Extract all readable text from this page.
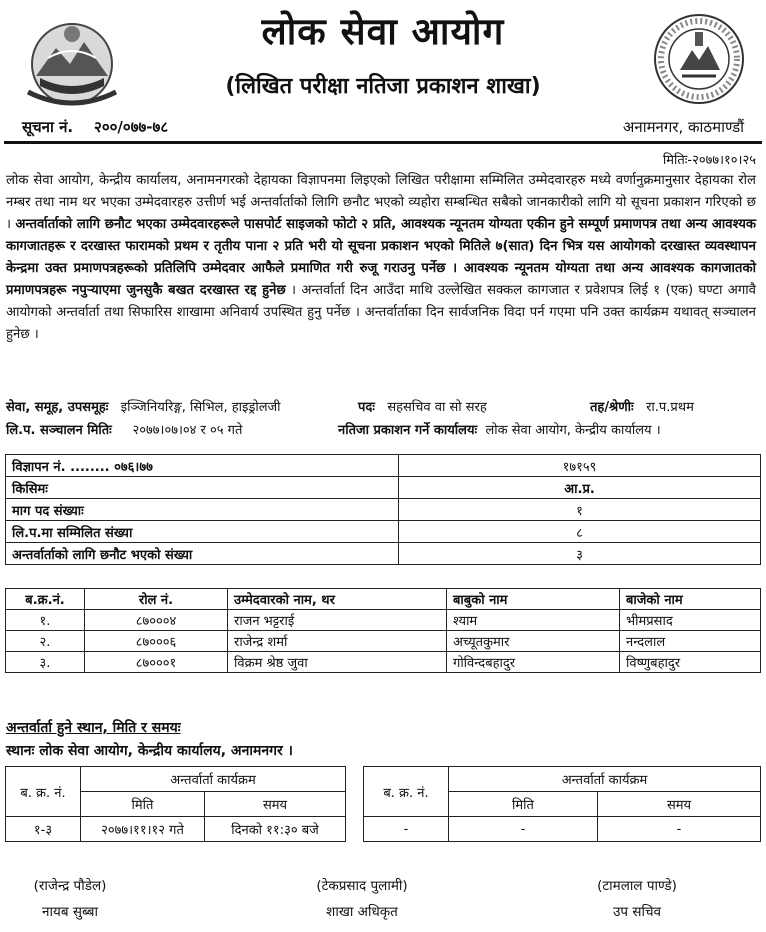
लोक सेवा आयोग
(लिखित परीक्षा नतिजा प्रकाशन शाखा)
सूचना नं. २००/०७७-७८	अनामनगर, काठमाण्डौं
मितिः-२०७७।१०।२५
लोक सेवा आयोग, केन्द्रीय कार्यालय, अनामनगरको देहायका विज्ञापनमा लिइएको लिखित परीक्षामा सम्मिलित उम्मेदवारहरु मध्ये वर्णानुक्रमानुसार देहायका रोल नम्बर तथा नाम थर भएका उम्मेदवारहरु उत्तीर्ण भई अन्तर्वार्ताको लिागि छनौट भएको व्यहोरा सम्बन्धित सबैको जानकारीको लागि यो सूचना प्रकाशन गरिएको छ । अन्तर्वार्ताको लागि छनौट भएका उम्मेदवारहरूले पासपोर्ट साइजको फोटो २ प्रति, आवश्यक न्यूनतम योग्यता एकीन हुने सम्पूर्ण प्रमाणपत्र तथा अन्य आवश्यक कागजातहरू र दरखास्त फारामको प्रथम र तृतीय पाना २ प्रति भरी यो सूचना प्रकाशन भएको मितिले ७(सात) दिन भित्र यस आयोगको दरखास्त व्यवस्थापन केन्द्रमा उक्त प्रमाणपत्रहरूको प्रतिलिपि उम्मेदवार आफैले प्रमाणित गरी रुजू गराउनु पर्नेछ । आवश्यक न्यूनतम योग्यता तथा अन्य आवश्यक कागजातको प्रमाणपत्रहरू नपुऱ्याएमा जुनसुकै बखत दरखास्त रद्द हुनेछ । अन्तर्वार्ता दिन आउँदा माथि उल्लेखित सक्कल कागजात र प्रवेशपत्र लिई १ (एक) घण्टा अगावै आयोगको अन्तर्वार्ता तथा सिफारिस शाखामा अनिवार्य उपस्थित हुनु पर्नेछ । अन्तर्वार्ताका दिन सार्वजनिक विदा पर्न गएमा पनि उक्त कार्यक्रम यथावत् सञ्चालन हुनेछ ।
सेवा, समूह, उपसमूहः इञ्जिनियरिङ्ग, सिभिल, हाइड्रोलजी	पदः सहसचिव वा सो सरह	तह/श्रेणीः रा.प.प्रथम
लि.प. सञ्चालन मितिः २०७७।०७।०४ र ०५ गते	नतिजा प्रकाशन गर्ने कार्यालयः लोक सेवा आयोग, केन्द्रीय कार्यालय ।
विज्ञापन नं. ........ ०७६।७७	१७१५९
किसिमः	आ.प्र.
माग पद संख्याः	१
लि.प.मा सम्मिलित संख्या	८
अन्तर्वार्ताको लागि छनौट भएको संख्या	३
ब.क्र.नं.	रोल नं.	उम्मेदवारको नाम, थर	बाबुको नाम	बाजेको नाम
१.	८७०००४	राजन भट्टराई	श्याम	भीमप्रसाद
२.	८७०००६	राजेन्द्र शर्मा	अच्यूतकुमार	नन्दलाल
३.	८७०००१	विक्रम श्रेष्ठ जुवा	गोविन्दबहादुर	विष्णुबहादुर
अन्तर्वार्ता हुने स्थान, मिति र समयः
स्थानः लोक सेवा आयोग, केन्द्रीय कार्यालय, अनामनगर ।
ब. क्र. नं.	अन्तर्वार्ता कार्यक्रम	
	मिति	समय
१-३	२०७७।११।१२ गते	दिनको ११:३० बजे
ब. क्र. नं.	अन्तर्वार्ता कार्यक्रम	
	मिति	समय
-	-	-
(राजेन्द्र पौडेल)
नायब सुब्बा
(टेकप्रसाद पुलामी)
शाखा अधिकृत
(टामलाल पाण्डे)
उप सचिव
